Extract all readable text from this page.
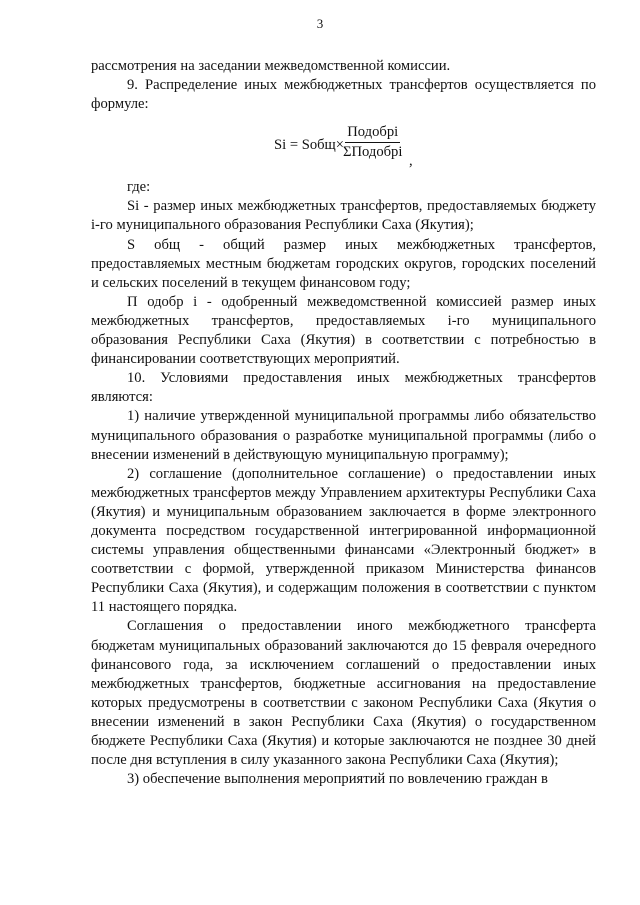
3

рассмотрения на заседании межведомственной комиссии.

9. Распределение иных межбюджетных трансфертов осуществляется по формуле:

Si = Sобщ×
Подобрi
ΣПодобрi
,

где:

Si - размер иных межбюджетных трансфертов, предоставляемых бюджету i-го муниципального образования Республики Саха (Якутия);

S общ - общий размер иных межбюджетных трансфертов, предоставляемых местным бюджетам городских округов, городских поселений и сельских поселений в текущем финансовом году;

П одобр i - одобренный межведомственной комиссией размер иных межбюджетных трансфертов, предоставляемых i-го муниципального образования Республики Саха (Якутия) в соответствии с потребностью в финансировании соответствующих мероприятий.

10. Условиями предоставления иных межбюджетных трансфертов являются:

1) наличие утвержденной муниципальной программы либо обязательство муниципального образования о разработке муниципальной программы (либо о внесении изменений в действующую муниципальную программу);

2) соглашение (дополнительное соглашение) о предоставлении иных межбюджетных трансфертов между Управлением архитектуры Республики Саха (Якутия) и муниципальным образованием заключается в форме электронного документа посредством государственной интегрированной информационной системы управления общественными финансами «Электронный бюджет» в соответствии с формой, утвержденной приказом Министерства финансов Республики Саха (Якутия), и содержащим положения в соответствии с пунктом 11 настоящего порядка.

Соглашения о предоставлении иного межбюджетного трансферта бюджетам муниципальных образований заключаются до 15 февраля очередного финансового года, за исключением соглашений о предоставлении иных межбюджетных трансфертов, бюджетные ассигнования на предоставление которых предусмотрены в соответствии с законом Республики Саха (Якутия о внесении изменений в закон Республики Саха (Якутия) о государственном бюджете Республики Саха (Якутия) и которые заключаются не позднее 30 дней после дня вступления в силу указанного закона Республики Саха (Якутия);

3) обеспечение выполнения мероприятий по вовлечению граждан в
